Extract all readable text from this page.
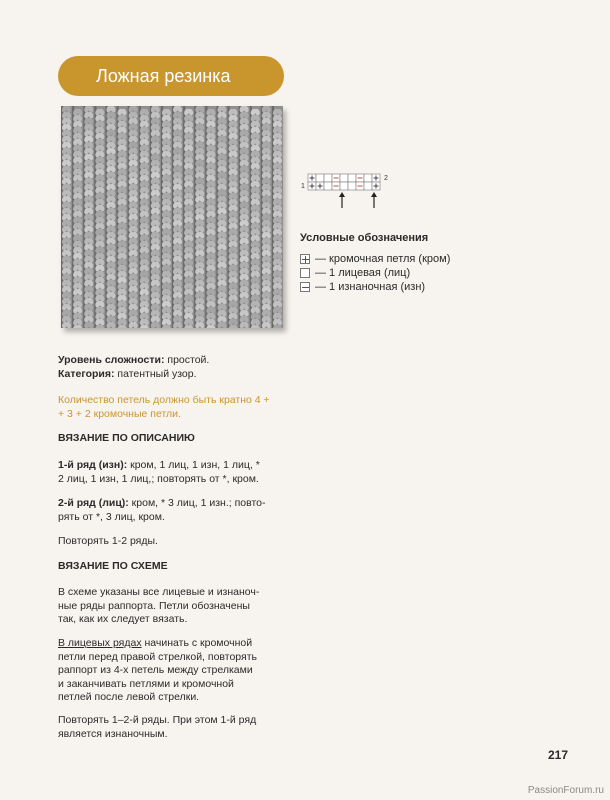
Ложная резинка
1
2
Условные обозначения
— кромочная петля (кром)
— 1 лицевая (лиц)
— 1 изнаночная (изн)
Уровень сложности: простой.
Категория: патентный узор.
Количество петель должно быть кратно 4 +
+ 3 + 2 кромочные петли.
ВЯЗАНИЕ ПО ОПИСАНИЮ
1-й ряд (изн): кром, 1 лиц, 1 изн, 1 лиц, *
2 лиц, 1 изн, 1 лиц,; повторять от *, кром.
2-й ряд (лиц): кром, * 3 лиц, 1 изн.; повто-
рять от *, 3 лиц, кром.
Повторять 1-2 ряды.
ВЯЗАНИЕ ПО СХЕМЕ
В схеме указаны все лицевые и изнаноч-
ные ряды раппорта. Петли обозначены
так, как их следует вязать.
В лицевых рядах начинать с кромочной
петли перед правой стрелкой, повторять
раппорт из 4-х петель между стрелками
и заканчивать петлями и кромочной
петлей после левой стрелки.
Повторять 1–2-й ряды. При этом 1-й ряд
является изнаночным.
217
PassionForum.ru
